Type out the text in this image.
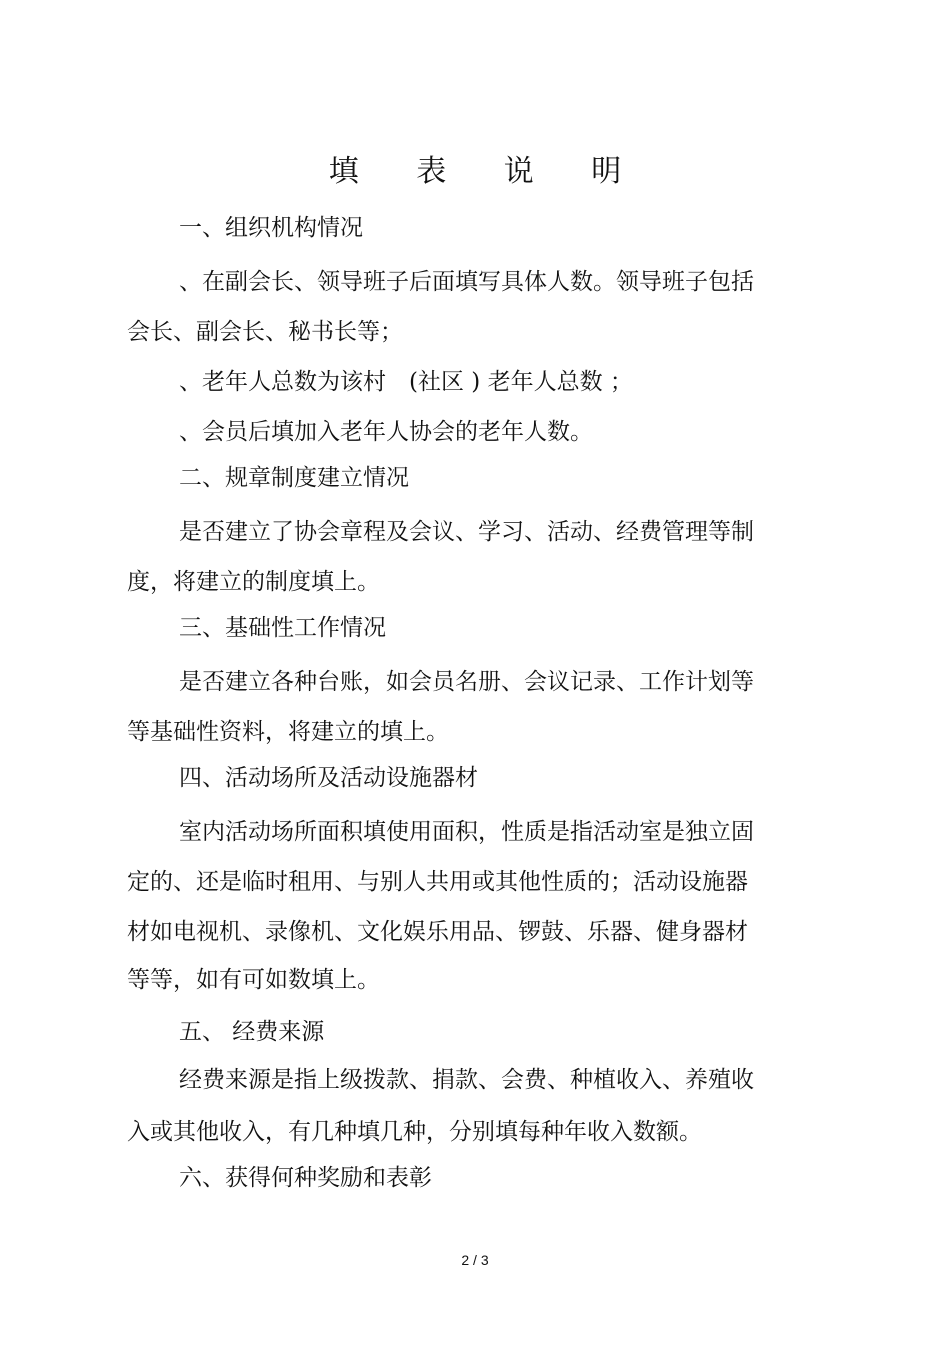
填 表 说 明

一、组织机构情况

、在副会长、领导班子后面填写具体人数。领导班子包括

会长、副会长、秘书长等；

、老年人总数为该村　(社区 ) 老年人总数 ；

、会员后填加入老年人协会的老年人数。

二、规章制度建立情况

是否建立了协会章程及会议、学习、活动、经费管理等制

度，将建立的制度填上。

三、基础性工作情况

是否建立各种台账，如会员名册、会议记录、工作计划等

等基础性资料，将建立的填上。

四、活动场所及活动设施器材

室内活动场所面积填使用面积，性质是指活动室是独立固

定的、还是临时租用、与别人共用或其他性质的；活动设施器

材如电视机、录像机、文化娱乐用品、锣鼓、乐器、健身器材

等等，如有可如数填上。

五、 经费来源

经费来源是指上级拨款、捐款、会费、种植收入、养殖收

入或其他收入，有几种填几种，分别填每种年收入数额。

六、获得何种奖励和表彰

2 / 3
